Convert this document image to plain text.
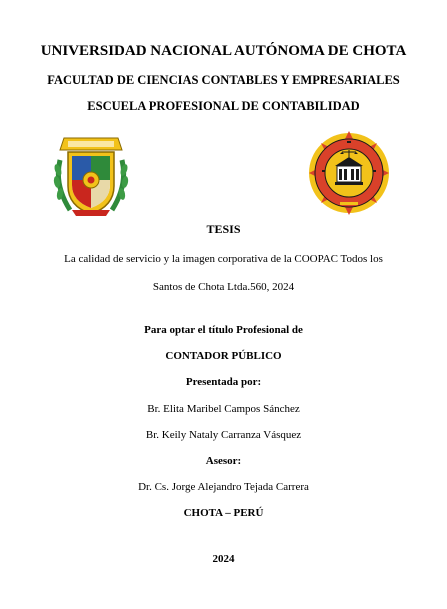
UNIVERSIDAD NACIONAL AUTÓNOMA DE CHOTA
FACULTAD DE CIENCIAS CONTABLES Y EMPRESARIALES
ESCUELA PROFESIONAL DE CONTABILIDAD
TESIS
La calidad de servicio y la imagen corporativa de la COOPAC Todos los
Santos de Chota Ltda.560, 2024
Para optar el título Profesional de
CONTADOR PÚBLICO
Presentada por:
Br. Elita Maribel Campos Sánchez
Br. Keily Nataly Carranza Vásquez
Asesor:
Dr. Cs. Jorge Alejandro Tejada Carrera
CHOTA – PERÚ
2024
